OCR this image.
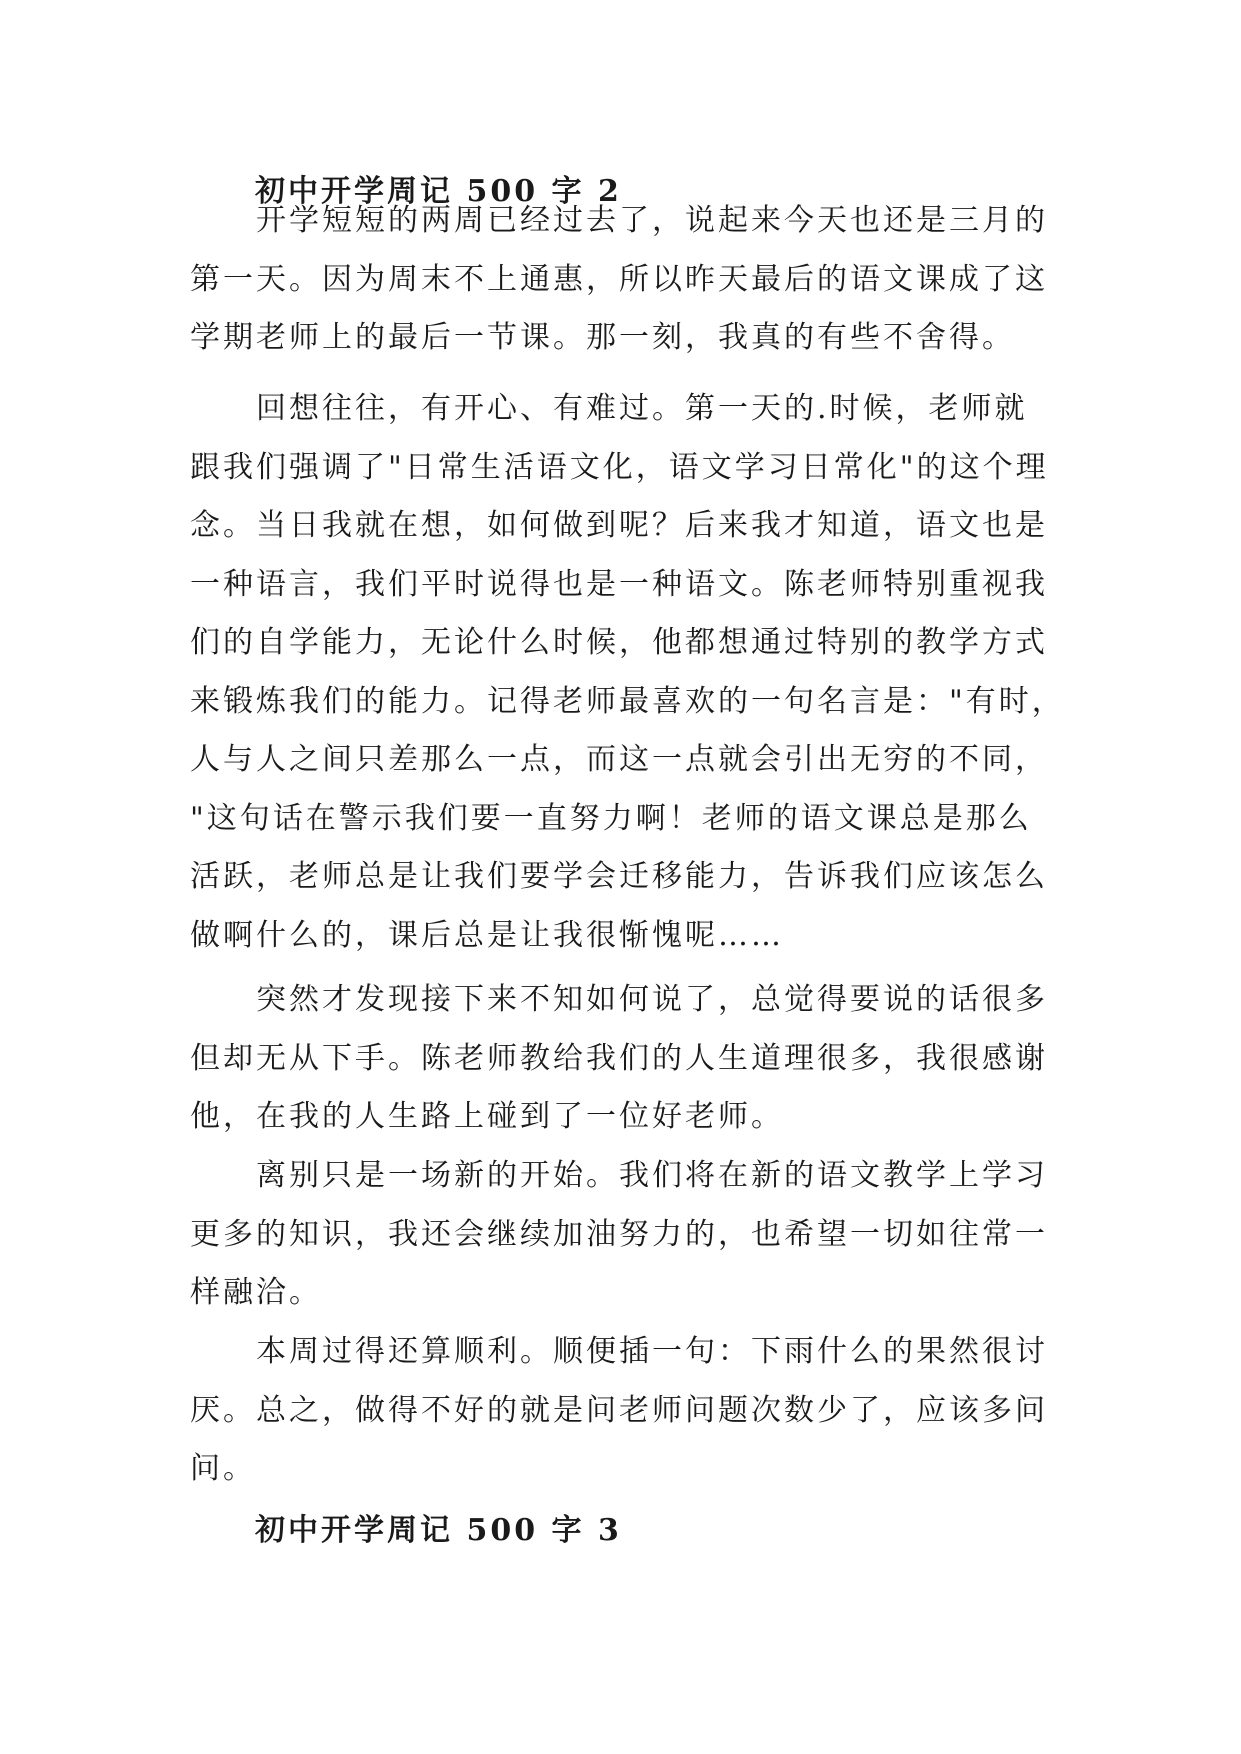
初中开学周记 500 字 2
　　开学短短的两周已经过去了，说起来今天也还是三月的
第一天。因为周末不上通惠，所以昨天最后的语文课成了这
学期老师上的最后一节课。那一刻，我真的有些不舍得。
　　回想往往，有开心、有难过。第一天的.时候，老师就
跟我们强调了"日常生活语文化，语文学习日常化"的这个理
念。当日我就在想，如何做到呢？后来我才知道，语文也是
一种语言，我们平时说得也是一种语文。陈老师特别重视我
们的自学能力，无论什么时候，他都想通过特别的教学方式
来锻炼我们的能力。记得老师最喜欢的一句名言是："有时，
人与人之间只差那么一点，而这一点就会引出无穷的不同，
"这句话在警示我们要一直努力啊！老师的语文课总是那么
活跃，老师总是让我们要学会迁移能力，告诉我们应该怎么
做啊什么的，课后总是让我很惭愧呢……
　　突然才发现接下来不知如何说了，总觉得要说的话很多
但却无从下手。陈老师教给我们的人生道理很多，我很感谢
他，在我的人生路上碰到了一位好老师。
　　离别只是一场新的开始。我们将在新的语文教学上学习
更多的知识，我还会继续加油努力的，也希望一切如往常一
样融洽。
　　本周过得还算顺利。顺便插一句：下雨什么的果然很讨
厌。总之，做得不好的就是问老师问题次数少了，应该多问
问。
初中开学周记 500 字 3
